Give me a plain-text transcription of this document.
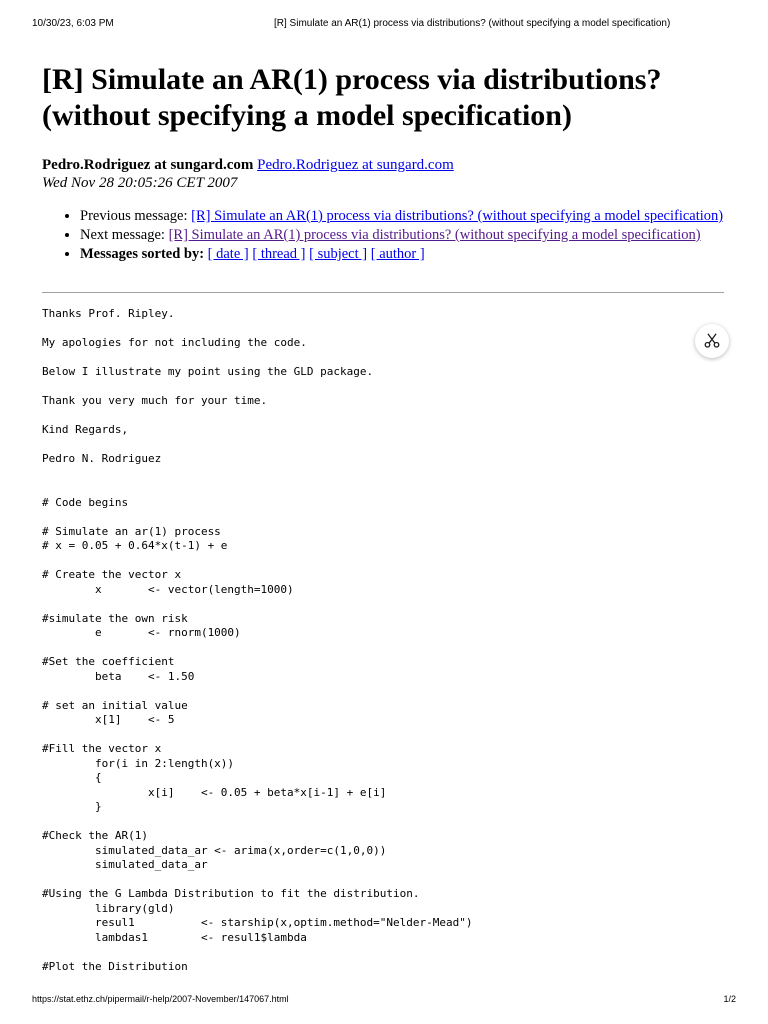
10/30/23, 6:03 PM	[R] Simulate an AR(1) process via distributions? (without specifying a model specification)
[R] Simulate an AR(1) process via distributions?
(without specifying a model specification)
Pedro.Rodriguez at sungard.com Pedro.Rodriguez at sungard.com
Wed Nov 28 20:05:26 CET 2007
• Previous message: [R] Simulate an AR(1) process via distributions? (without specifying a model specification)
• Next message: [R] Simulate an AR(1) process via distributions? (without specifying a model specification)
• Messages sorted by: [ date ] [ thread ] [ subject ] [ author ]
Thanks Prof. Ripley.

My apologies for not including the code.

Below I illustrate my point using the GLD package.

Thank you very much for your time.

Kind Regards,

Pedro N. Rodriguez

# Code begins

# Simulate an ar(1) process
# x = 0.05 + 0.64*x(t-1) + e

# Create the vector x
x       <- vector(length=1000)

#simulate the own risk
e       <- rnorm(1000)

#Set the coefficient
beta    <- 1.50

# set an initial value
x[1]    <- 5

#Fill the vector x
for(i in 2:length(x))
{
x[i]    <- 0.05 + beta*x[i-1] + e[i]
}

#Check the AR(1)
simulated_data_ar <- arima(x,order=c(1,0,0))
simulated_data_ar

#Using the G Lambda Distribution to fit the distribution.
library(gld)
resul1          <- starship(x,optim.method="Nelder-Mead")
lambdas1        <- resul1$lambda

#Plot the Distribution
https://stat.ethz.ch/pipermail/r-help/2007-November/147067.html	1/2
